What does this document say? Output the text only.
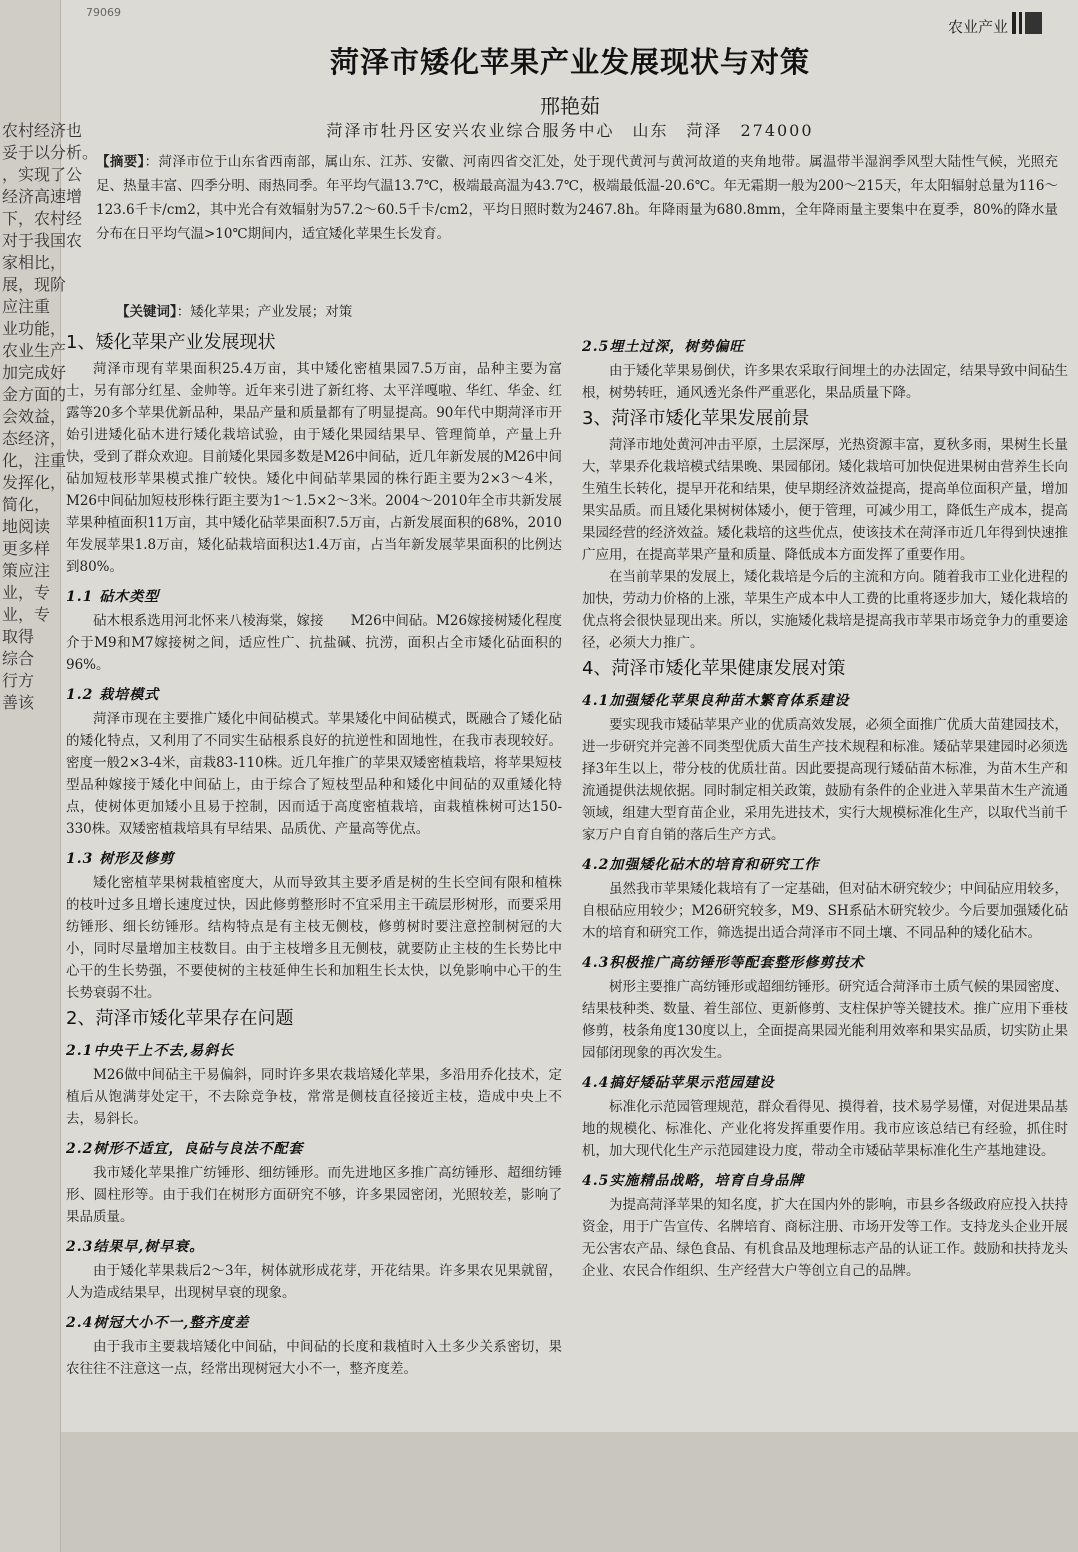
农村经济也
妥于以分析。
，实现了公
经济高速增
下，农村经
对于我国农
家相比，
展，现阶
应注重
业功能，
农业生产
加完成好
金方面的
会效益，
态经济，
化，注重
发挥化，
简化，
地阅读
更多样
策应注
业，专
业，专
取得
综合
行方
善该
79069
农业产业
菏泽市矮化苹果产业发展现状与对策
邢艳茹
菏泽市牡丹区安兴农业综合服务中心　山东　菏泽　274000
【摘要】：菏泽市位于山东省西南部，属山东、江苏、安徽、河南四省交汇处，处于现代黄河与黄河故道的夹角地带。属温带半湿润季风型大陆性气候，光照充足、热量丰富、四季分明、雨热同季。年平均气温13.7℃，极端最高温为43.7℃，极端最低温-20.6℃。年无霜期一般为200～215天，年太阳辐射总量为116～123.6千卡/cm2，其中光合有效辐射为57.2～60.5千卡/cm2，平均日照时数为2467.8h。年降雨量为680.8mm，全年降雨量主要集中在夏季，80%的降水量分布在日平均气温>10℃期间内，适宜矮化苹果生长发育。
【关键词】：矮化苹果；产业发展；对策
1、矮化苹果产业发展现状

菏泽市现有苹果面积25.4万亩，其中矮化密植果园7.5万亩，品种主要为富士，另有部分红星、金帅等。近年来引进了新红将、太平洋嘎啦、华红、华金、红露等20多个苹果优新品种，果品产量和质量都有了明显提高。90年代中期菏泽市开始引进矮化砧木进行矮化栽培试验，由于矮化果园结果早、管理简单，产量上升快，受到了群众欢迎。目前矮化果园多数是M26中间砧，近几年新发展的M26中间砧加短枝形苹果模式推广较快。矮化中间砧苹果园的株行距主要为2×3～4米，M26中间砧加短枝形株行距主要为1～1.5×2～3米。2004～2010年全市共新发展苹果种植面积11万亩，其中矮化砧苹果面积7.5万亩，占新发展面积的68%，2010年发展苹果1.8万亩，矮化砧栽培面积达1.4万亩，占当年新发展苹果面积的比例达到80%。

1.1 砧木类型

砧木根系选用河北怀来八棱海棠，嫁接　　M26中间砧。M26嫁接树矮化程度介于M9和M7嫁接树之间，适应性广、抗盐碱、抗涝，面积占全市矮化砧面积的96%。

1.2 栽培模式

菏泽市现在主要推广矮化中间砧模式。苹果矮化中间砧模式，既融合了矮化砧的矮化特点，又利用了不同实生砧根系良好的抗逆性和固地性，在我市表现较好。密度一般2×3-4米，亩栽83-110株。近几年推广的苹果双矮密植栽培，将苹果短枝型品种嫁接于矮化中间砧上，由于综合了短枝型品种和矮化中间砧的双重矮化特点，使树体更加矮小且易于控制，因而适于高度密植栽培，亩栽植株树可达150-330株。双矮密植栽培具有早结果、品质优、产量高等优点。

1.3 树形及修剪

矮化密植苹果树栽植密度大，从而导致其主要矛盾是树的生长空间有限和植株的枝叶过多且增长速度过快，因此修剪整形时不宜采用主干疏层形树形，而要采用纺锤形、细长纺锤形。结构特点是有主枝无侧枝，修剪树时要注意控制树冠的大小，同时尽量增加主枝数目。由于主枝增多且无侧枝，就要防止主枝的生长势比中心干的生长势强，不要使树的主枝延伸生长和加粗生长太快，以免影响中心干的生长势衰弱不壮。

2、菏泽市矮化苹果存在问题
2.1中央干上不去,易斜长

M26做中间砧主干易偏斜，同时许多果农栽培矮化苹果，多沿用乔化技术，定植后从饱满芽处定干，不去除竞争枝，常常是侧枝直径接近主枝，造成中央上不去，易斜长。

2.2树形不适宜，良砧与良法不配套

我市矮化苹果推广纺锤形、细纺锤形。而先进地区多推广高纺锤形、超细纺锤形、圆柱形等。由于我们在树形方面研究不够，许多果园密闭，光照较差，影响了果品质量。

2.3结果早,树早衰。

由于矮化苹果栽后2～3年，树体就形成花芽，开花结果。许多果农见果就留，人为造成结果早，出现树早衰的现象。

2.4树冠大小不一,整齐度差

由于我市主要栽培矮化中间砧，中间砧的长度和栽植时入土多少关系密切，果农往往不注意这一点，经常出现树冠大小不一，整齐度差。

2.5埋土过深，树势偏旺

由于矮化苹果易倒伏，许多果农采取行间埋土的办法固定，结果导致中间砧生根，树势转旺，通风透光条件严重恶化，果品质量下降。

3、菏泽市矮化苹果发展前景

菏泽市地处黄河冲击平原，土层深厚，光热资源丰富，夏秋多雨，果树生长量大，苹果乔化栽培模式结果晚、果园郁闭。矮化栽培可加快促进果树由营养生长向生殖生长转化，提早开花和结果，使早期经济效益提高，提高单位面积产量，增加果实品质。而且矮化果树树体矮小，便于管理，可减少用工，降低生产成本，提高果园经营的经济效益。矮化栽培的这些优点，使该技术在菏泽市近几年得到快速推广应用，在提高苹果产量和质量、降低成本方面发挥了重要作用。

在当前苹果的发展上，矮化栽培是今后的主流和方向。随着我市工业化进程的加快，劳动力价格的上涨，苹果生产成本中人工费的比重将逐步加大，矮化栽培的优点将会很快显现出来。所以，实施矮化栽培是提高我市苹果市场竞争力的重要途径，必须大力推广。

4、菏泽市矮化苹果健康发展对策
4.1加强矮化苹果良种苗木繁育体系建设

要实现我市矮砧苹果产业的优质高效发展，必须全面推广优质大苗建园技术，进一步研究并完善不同类型优质大苗生产技术规程和标准。矮砧苹果建园时必须选择3年生以上，带分枝的优质壮苗。因此要提高现行矮砧苗木标准，为苗木生产和流通提供法规依据。同时制定相关政策，鼓励有条件的企业进入苹果苗木生产流通领域，组建大型育苗企业，采用先进技术，实行大规模标准化生产，以取代当前千家万户自育自销的落后生产方式。

4.2加强矮化砧木的培育和研究工作

虽然我市苹果矮化栽培有了一定基础，但对砧木研究较少；中间砧应用较多，自根砧应用较少；M26研究较多，M9、SH系砧木研究较少。今后要加强矮化砧木的培育和研究工作，筛选提出适合菏泽市不同土壤、不同品种的矮化砧木。

4.3积极推广高纺锤形等配套整形修剪技术

树形主要推广高纺锤形或超细纺锤形。研究适合菏泽市土质气候的果园密度、结果枝种类、数量、着生部位、更新修剪、支柱保护等关键技术。推广应用下垂枝修剪，枝条角度130度以上，全面提高果园光能利用效率和果实品质，切实防止果园郁闭现象的再次发生。

4.4搞好矮砧苹果示范园建设

标准化示范园管理规范，群众看得见、摸得着，技术易学易懂，对促进果品基地的规模化、标准化、产业化将发挥重要作用。我市应该总结已有经验，抓住时机，加大现代化生产示范园建设力度，带动全市矮砧苹果标准化生产基地建设。

4.5实施精品战略，培育自身品牌

为提高菏泽苹果的知名度，扩大在国内外的影响，市县乡各级政府应投入扶持资金，用于广告宣传、名牌培育、商标注册、市场开发等工作。支持龙头企业开展无公害农产品、绿色食品、有机食品及地理标志产品的认证工作。鼓励和扶持龙头企业、农民合作组织、生产经营大户等创立自己的品牌。
